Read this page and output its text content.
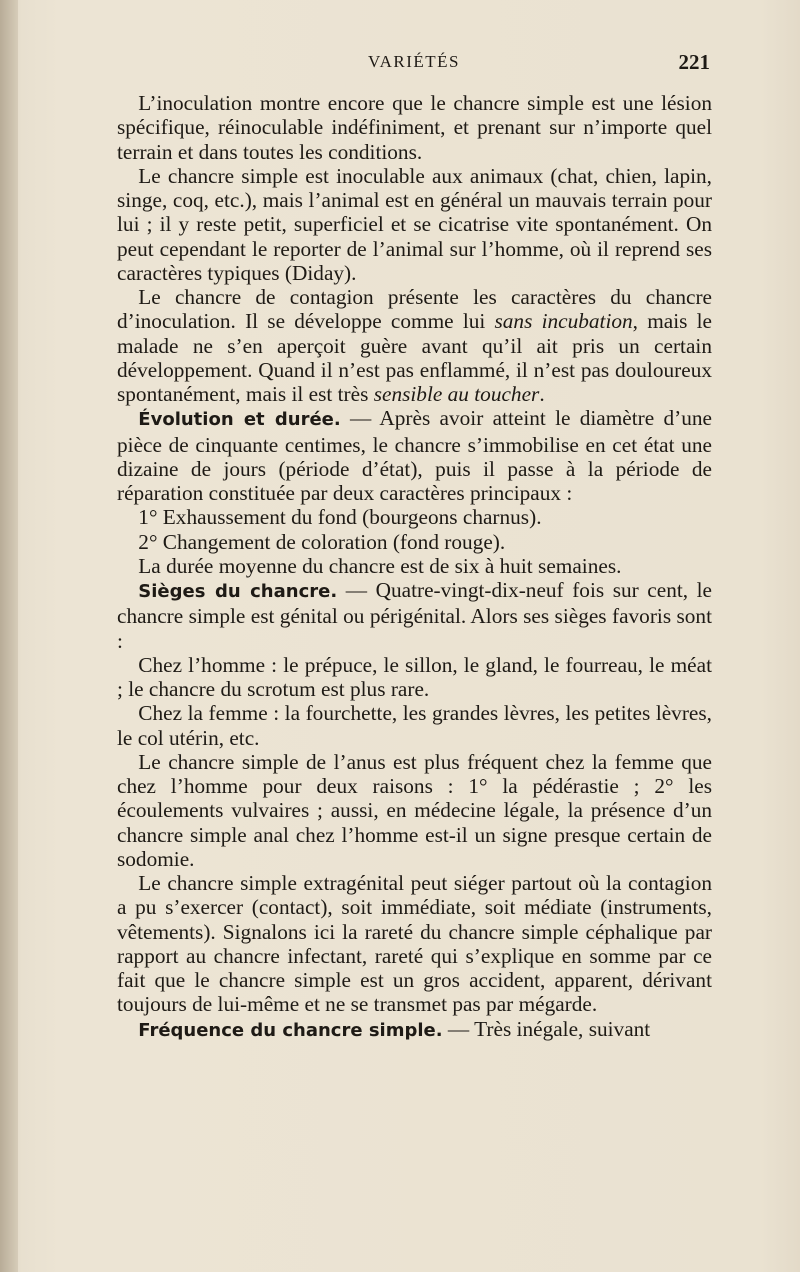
VARIÉTÉS	221

 L’inoculation montre encore que le chancre simple est une lésion spécifique, réinoculable indéfiniment, et prenant sur n’importe quel terrain et dans toutes les conditions.

 Le chancre simple est inoculable aux animaux (chat, chien, lapin, singe, coq, etc.), mais l’animal est en général un mauvais terrain pour lui ; il y reste petit, superficiel et se cicatrise vite spontanément. On peut cependant le reporter de l’animal sur l’homme, où il reprend ses caractères typiques (Diday).

 Le chancre de contagion présente les caractères du chancre d’inoculation. Il se développe comme lui sans incubation, mais le malade ne s’en aperçoit guère avant qu’il ait pris un certain développement. Quand il n’est pas enflammé, il n’est pas douloureux spontanément, mais il est très sensible au toucher.

 Évolution et durée. — Après avoir atteint le diamètre d’une pièce de cinquante centimes, le chancre s’immobilise en cet état une dizaine de jours (période d’état), puis il passe à la période de réparation constituée par deux caractères principaux :

 1° Exhaussement du fond (bourgeons charnus).

 2° Changement de coloration (fond rouge).

 La durée moyenne du chancre est de six à huit semaines.

 Sièges du chancre. — Quatre-vingt-dix-neuf fois sur cent, le chancre simple est génital ou périgénital. Alors ses sièges favoris sont :

 Chez l’homme : le prépuce, le sillon, le gland, le fourreau, le méat ; le chancre du scrotum est plus rare.

 Chez la femme : la fourchette, les grandes lèvres, les petites lèvres, le col utérin, etc.

 Le chancre simple de l’anus est plus fréquent chez la femme que chez l’homme pour deux raisons : 1° la pédérastie ; 2° les écoulements vulvaires ; aussi, en médecine légale, la présence d’un chancre simple anal chez l’homme est-il un signe presque certain de sodomie.

 Le chancre simple extragénital peut siéger partout où la contagion a pu s’exercer (contact), soit immédiate, soit médiate (instruments, vêtements). Signalons ici la rareté du chancre simple céphalique par rapport au chancre infectant, rareté qui s’explique en somme par ce fait que le chancre simple est un gros accident, apparent, dérivant toujours de lui-même et ne se transmet pas par mégarde.

 Fréquence du chancre simple. — Très inégale, suivant
